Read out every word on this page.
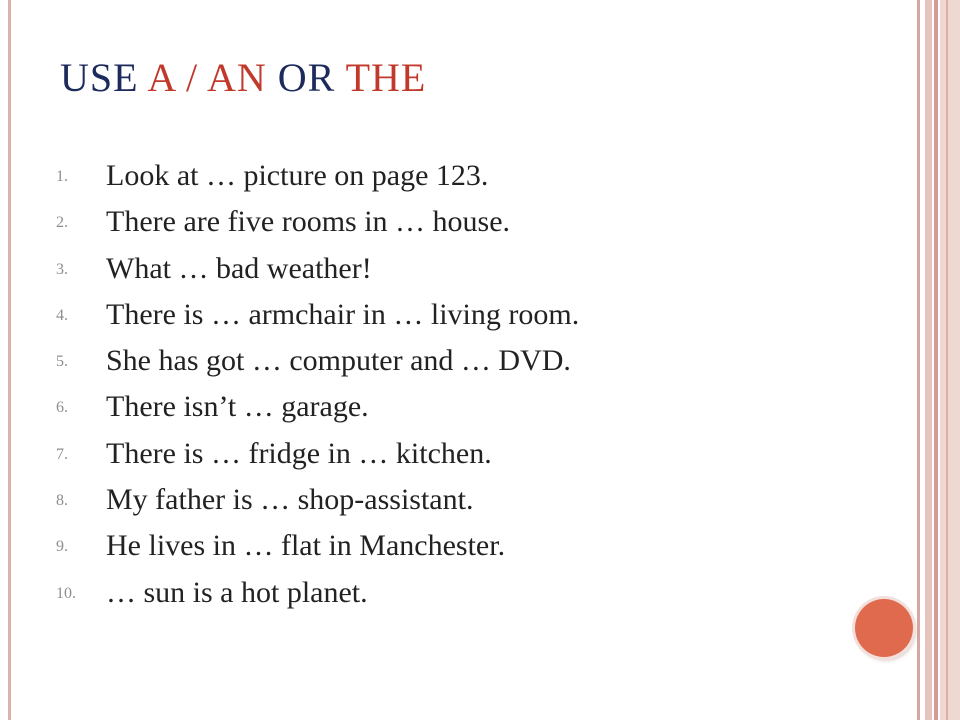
USE A / AN OR THE
1.	Look at … picture on page 123.
2.	There are five rooms in … house.
3.	What … bad weather!
4.	There is … armchair in … living room.
5.	She has got … computer and … DVD.
6.	There isn’t … garage.
7.	There is … fridge in … kitchen.
8.	My father is … shop-assistant.
9.	He lives in … flat in Manchester.
10.	… sun is a hot planet.
